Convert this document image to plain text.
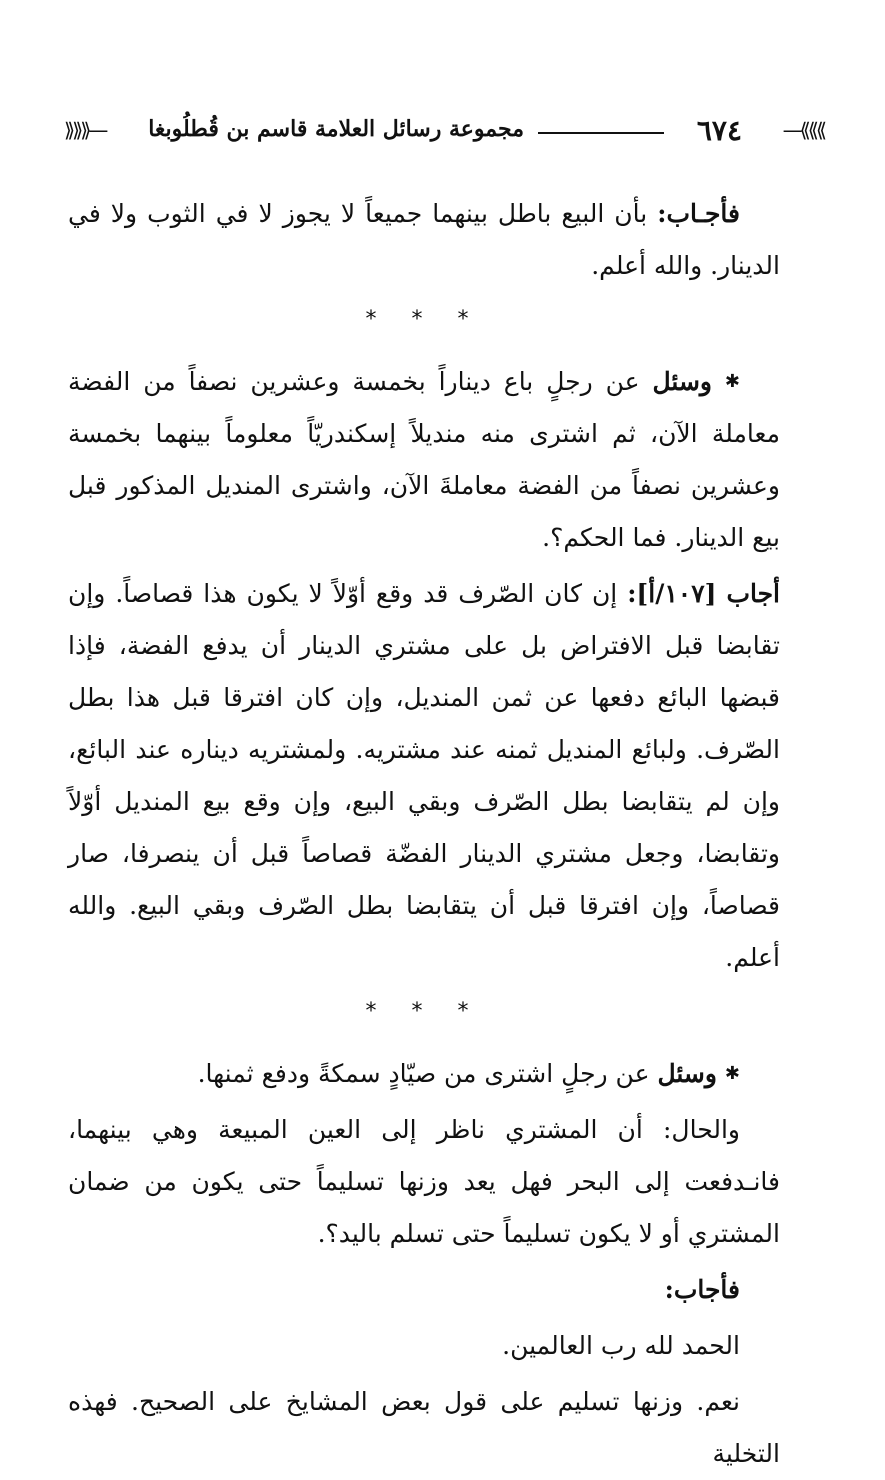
⟫⟫⟫—
٦٧٤
مجموعة رسائل العلامة قاسم بن قُطلُوبغا
—⟪⟪⟪

فأجـاب: بأن البيع باطل بينهما جميعاً لا يجوز لا في الثوب ولا في الدينار. والله أعلم.

* * *

✱ وسئل عن رجلٍ باع ديناراً بخمسة وعشرين نصفاً من الفضة معاملة الآن، ثم اشترى منه منديلاً إسكندريّاً معلوماً بينهما بخمسة وعشرين نصفاً من الفضة معاملةَ الآن، واشترى المنديل المذكور قبل بيع الدينار. فما الحكم؟.

أجاب [١٠٧/أ]: إن كان الصّرف قد وقع أوّلاً لا يكون هذا قصاصاً. وإن تقابضا قبل الافتراض بل على مشتري الدينار أن يدفع الفضة، فإذا قبضها البائع دفعها عن ثمن المنديل، وإن كان افترقا قبل هذا بطل الصّرف. ولبائع المنديل ثمنه عند مشتريه. ولمشتريه ديناره عند البائع، وإن لم يتقابضا بطل الصّرف وبقي البيع، وإن وقع بيع المنديل أوّلاً وتقابضا، وجعل مشتري الدينار الفضّة قصاصاً قبل أن ينصرفا، صار قصاصاً، وإن افترقا قبل أن يتقابضا بطل الصّرف وبقي البيع. والله أعلم.

* * *

✱ وسئل عن رجلٍ اشترى من صيّادٍ سمكةً ودفع ثمنها.

والحال: أن المشتري ناظر إلى العين المبيعة وهي بينهما، فانـدفعت إلى البحر فهل يعد وزنها تسليماً حتى يكون من ضمان المشتري أو لا يكون تسليماً حتى تسلم باليد؟.

فأجاب:

الحمد لله رب العالمين.

نعم. وزنها تسليم على قول بعض المشايخ على الصحيح. فهذه التخلية
